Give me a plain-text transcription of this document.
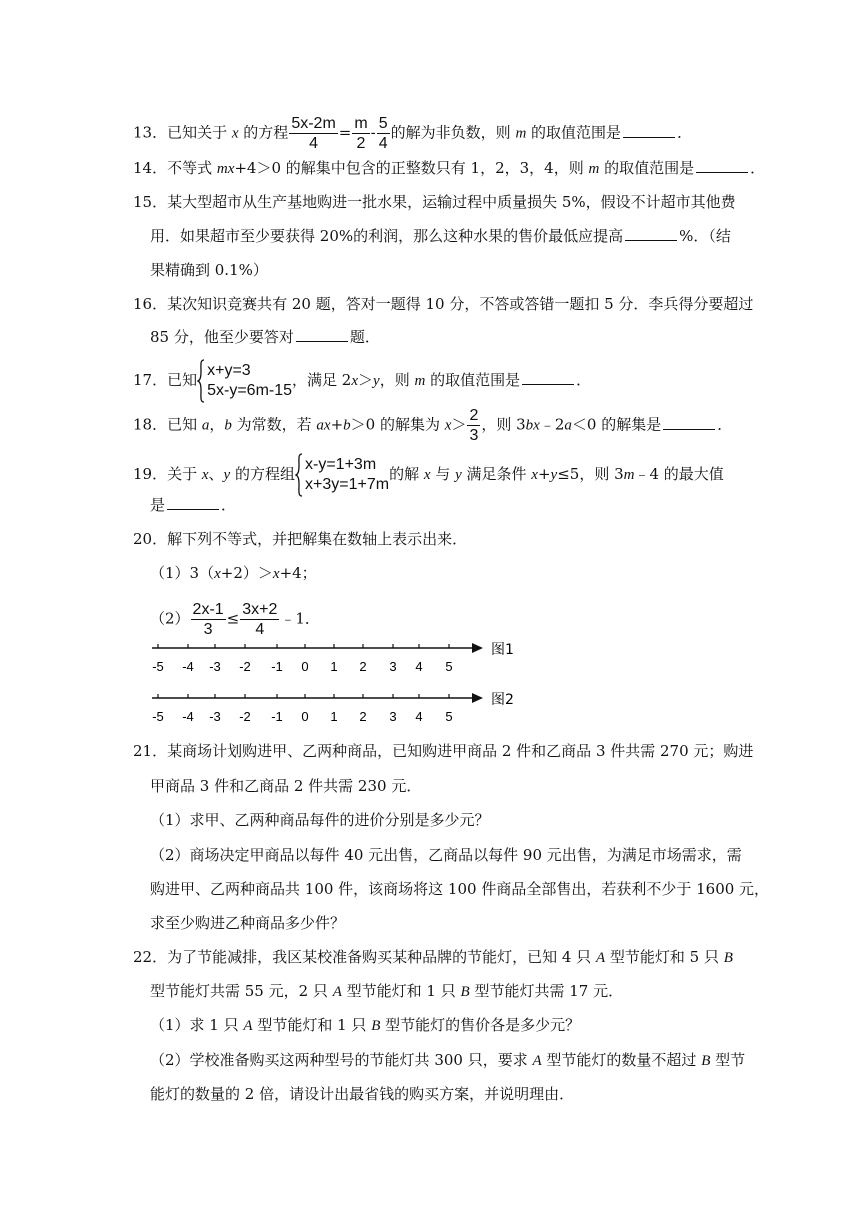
13．已知关于 x 的方程 $\frac{5x-2m}{4} = \frac{m}{2} - \frac{5}{4}$ 的解为非负数，则 m 的取值范围是	．
14．不等式 mx+4＞0 的解集中包含的正整数只有 1，2，3，4，则 m 的取值范围是	．
15．某大型超市从生产基地购进一批水果，运输过程中质量损失 5%，假设不计超市其他费
用．如果超市至少要获得 20%的利润，那么这种水果的售价最低应提高	%．（结
果精确到 0.1%）
16．某次知识竞赛共有 20 题，答对一题得 10 分，不答或答错一题扣 5 分．李兵得分要超过
85 分，他至少要答对	题．
17．已知
x+y=3
5x-y=6m-15
，满足 2x＞y，则 m 的取值范围是	．
18．已知 a，b 为常数，若 ax+b＞0 的解集为 $x> \frac{2}{3}$ ，则 3bx﹣2a＜0 的解集是	．
19．关于 x、y 的方程组
x-y=1+3m
x+3y=1+7m
的解 x 与 y 满足条件 x+y≤5，则 3m﹣4 的最大值
是	．
20．解下列不等式，并把解集在数轴上表示出来．
（1）3（x+2）＞x+4；
$(2) \frac{2x-1}{3} \le \frac{3x+2}{4}$ ﹣1．
-5 -4 -3 -2 -1 0 1 2 3 4 5
图1
-5 -4 -3 -2 -1 0 1 2 3 4 5
图2
21．某商场计划购进甲、乙两种商品，已知购进甲商品 2 件和乙商品 3 件共需 270 元；购进
甲商品 3 件和乙商品 2 件共需 230 元．
（1）求甲、乙两种商品每件的进价分别是多少元？
（2）商场决定甲商品以每件 40 元出售，乙商品以每件 90 元出售，为满足市场需求，需
购进甲、乙两种商品共 100 件，该商场将这 100 件商品全部售出，若获利不少于 1600 元，
求至少购进乙种商品多少件？
22．为了节能减排，我区某校准备购买某种品牌的节能灯，已知 4 只 A 型节能灯和 5 只 B
型节能灯共需 55 元，2 只 A 型节能灯和 1 只 B 型节能灯共需 17 元．
（1）求 1 只 A 型节能灯和 1 只 B 型节能灯的售价各是多少元？
（2）学校准备购买这两种型号的节能灯共 300 只，要求 A 型节能灯的数量不超过 B 型节
能灯的数量的 2 倍，请设计出最省钱的购买方案，并说明理由．
